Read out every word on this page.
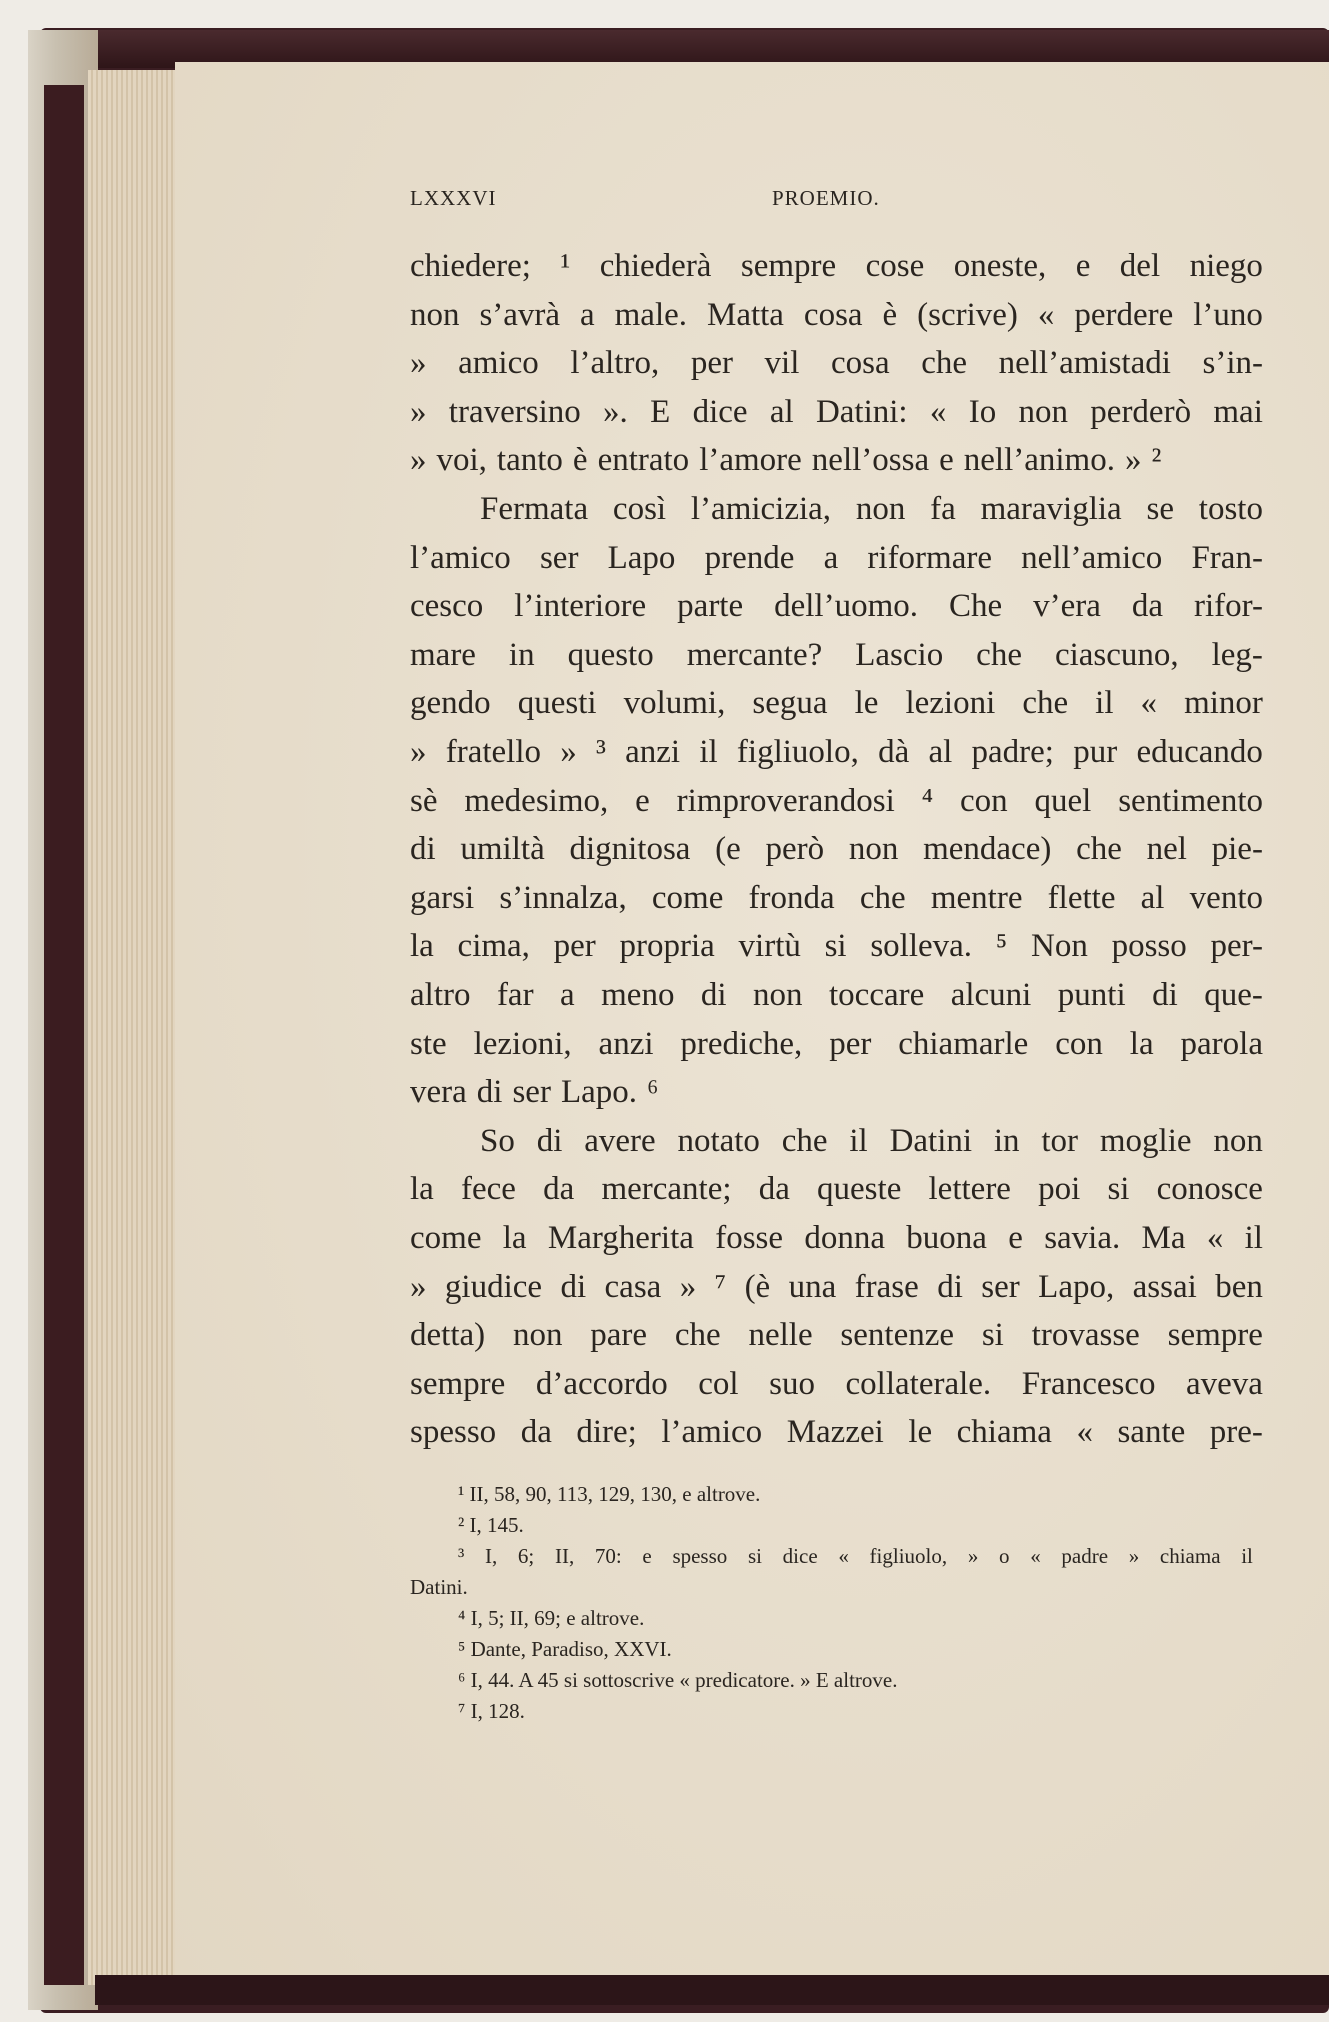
LXXXVI	PROEMIO.
chiedere; ¹ chiederà sempre cose oneste, e del niego
non s’avrà a male. Matta cosa è (scrive) « perdere l’uno
» amico l’altro, per vil cosa che nell’amistadi s’in-
» traversino ». E dice al Datini: « Io non perderò mai
» voi, tanto è entrato l’amore nell’ossa e nell’animo. » ²
Fermata così l’amicizia, non fa maraviglia se tosto
l’amico ser Lapo prende a riformare nell’amico Fran-
cesco l’interiore parte dell’uomo. Che v’era da rifor-
mare in questo mercante? Lascio che ciascuno, leg-
gendo questi volumi, segua le lezioni che il « minor
» fratello » ³ anzi il figliuolo, dà al padre; pur educando
sè medesimo, e rimproverandosi ⁴ con quel sentimento
di umiltà dignitosa (e però non mendace) che nel pie-
garsi s’innalza, come fronda che mentre flette al vento
la cima, per propria virtù si solleva. ⁵ Non posso per-
altro far a meno di non toccare alcuni punti di que-
ste lezioni, anzi prediche, per chiamarle con la parola
vera di ser Lapo. ⁶
So di avere notato che il Datini in tor moglie non
la fece da mercante; da queste lettere poi si conosce
come la Margherita fosse donna buona e savia. Ma « il
» giudice di casa » ⁷ (è una frase di ser Lapo, assai ben
detta) non pare che nelle sentenze si trovasse sempre
sempre d’accordo col suo collaterale. Francesco aveva
spesso da dire; l’amico Mazzei le chiama « sante pre-
¹ II, 58, 90, 113, 129, 130, e altrove.
² I, 145.
³ I, 6; II, 70: e spesso si dice « figliuolo, » o « padre » chiama il
Datini.
⁴ I, 5; II, 69; e altrove.
⁵ Dante, Paradiso, XXVI.
⁶ I, 44. A 45 si sottoscrive « predicatore. » E altrove.
⁷ I, 128.
